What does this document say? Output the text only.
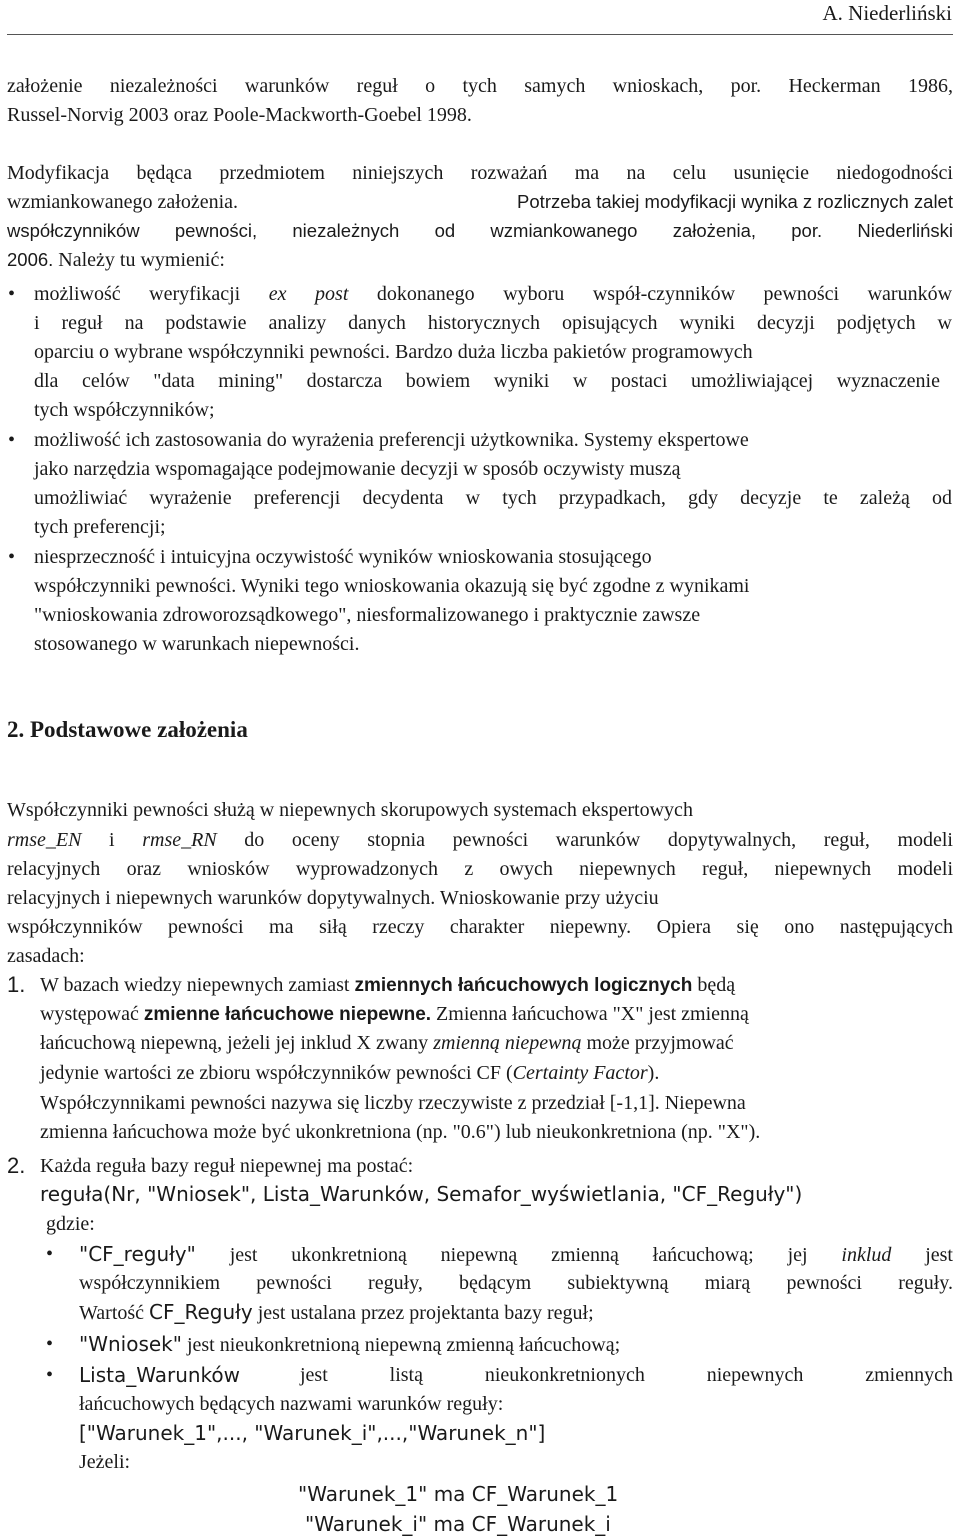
A. Niederliński
założenie niezależności warunków reguł o tych samych wnioskach, por. Heckerman 1986,
Russel-Norvig 2003 oraz Poole-Mackworth-Goebel 1998.
Modyfikacja będąca przedmiotem niniejszych rozważań ma na celu usunięcie niedogodności
wzmiankowanego założenia.	Potrzeba takiej modyfikacji wynika z rozlicznych zalet
współczynników pewności, niezależnych od wzmiankowanego założenia, por. Niederliński
2006. Należy tu wymienić:
• możliwość weryfikacji ex post dokonanego wyboru współ-czynników pewności warunków
i reguł na podstawie analizy danych historycznych opisujących wyniki decyzji podjętych w
oparciu o wybrane współczynniki pewności. Bardzo duża liczba pakietów programowych
dla celów "data mining" dostarcza bowiem wyniki w postaci umożliwiającej wyznaczenie
tych współczynników;
• możliwość ich zastosowania do wyrażenia preferencji użytkownika. Systemy ekspertowe
jako narzędzia wspomagające podejmowanie decyzji w sposób oczywisty muszą
umożliwiać wyrażenie preferencji decydenta w tych przypadkach, gdy decyzje te zależą od
tych preferencji;
• niesprzeczność i intuicyjna oczywistość wyników wnioskowania stosującego
współczynniki pewności. Wyniki tego wnioskowania okazują się być zgodne z wynikami
"wnioskowania zdroworozsądkowego", niesformalizowanego i praktycznie zawsze
stosowanego w warunkach niepewności.
2. Podstawowe założenia
Współczynniki pewności służą w niepewnych skorupowych systemach ekspertowych
rmse_EN i rmse_RN do oceny stopnia pewności warunków dopytywalnych, reguł, modeli
relacyjnych oraz wniosków wyprowadzonych z owych niepewnych reguł, niepewnych modeli
relacyjnych i niepewnych warunków dopytywalnych. Wnioskowanie przy użyciu
współczynników pewności ma siłą rzeczy charakter niepewny. Opiera się ono następujących
zasadach:
1. W bazach wiedzy niepewnych zamiast zmiennych łańcuchowych logicznych będą
występować zmienne łańcuchowe niepewne. Zmienna łańcuchowa "X" jest zmienną
łańcuchową niepewną, jeżeli jej inklud X zwany zmienną niepewną może przyjmować
jedynie wartości ze zbioru współczynników pewności CF (Certainty Factor).
Współczynnikami pewności nazywa się liczby rzeczywiste z przedział [-1,1]. Niepewna
zmienna łańcuchowa może być ukonkretniona (np. "0.6") lub nieukonkretniona (np. "X").
2. Każda reguła bazy reguł niepewnej ma postać:
reguła(Nr, "Wniosek", Lista_Warunków, Semafor_wyświetlania, "CF_Reguły")
gdzie:
• "CF_reguły" jest ukonkretnioną niepewną zmienną łańcuchową; jej inklud jest
współczynnikiem pewności reguły, będącym subiektywną miarą pewności reguły.
Wartość CF_Reguły jest ustalana przez projektanta bazy reguł;
• "Wniosek" jest nieukonkretnioną niepewną zmienną łańcuchową;
• Lista_Warunków	jest listą nieukonkretnionych niepewnych zmiennych
łańcuchowych będących nazwami warunków reguły:
["Warunek_1",..., "Warunek_i",...,"Warunek_n"]
Jeżeli:
"Warunek_1" ma CF_Warunek_1
"Warunek_i" ma CF_Warunek_i
